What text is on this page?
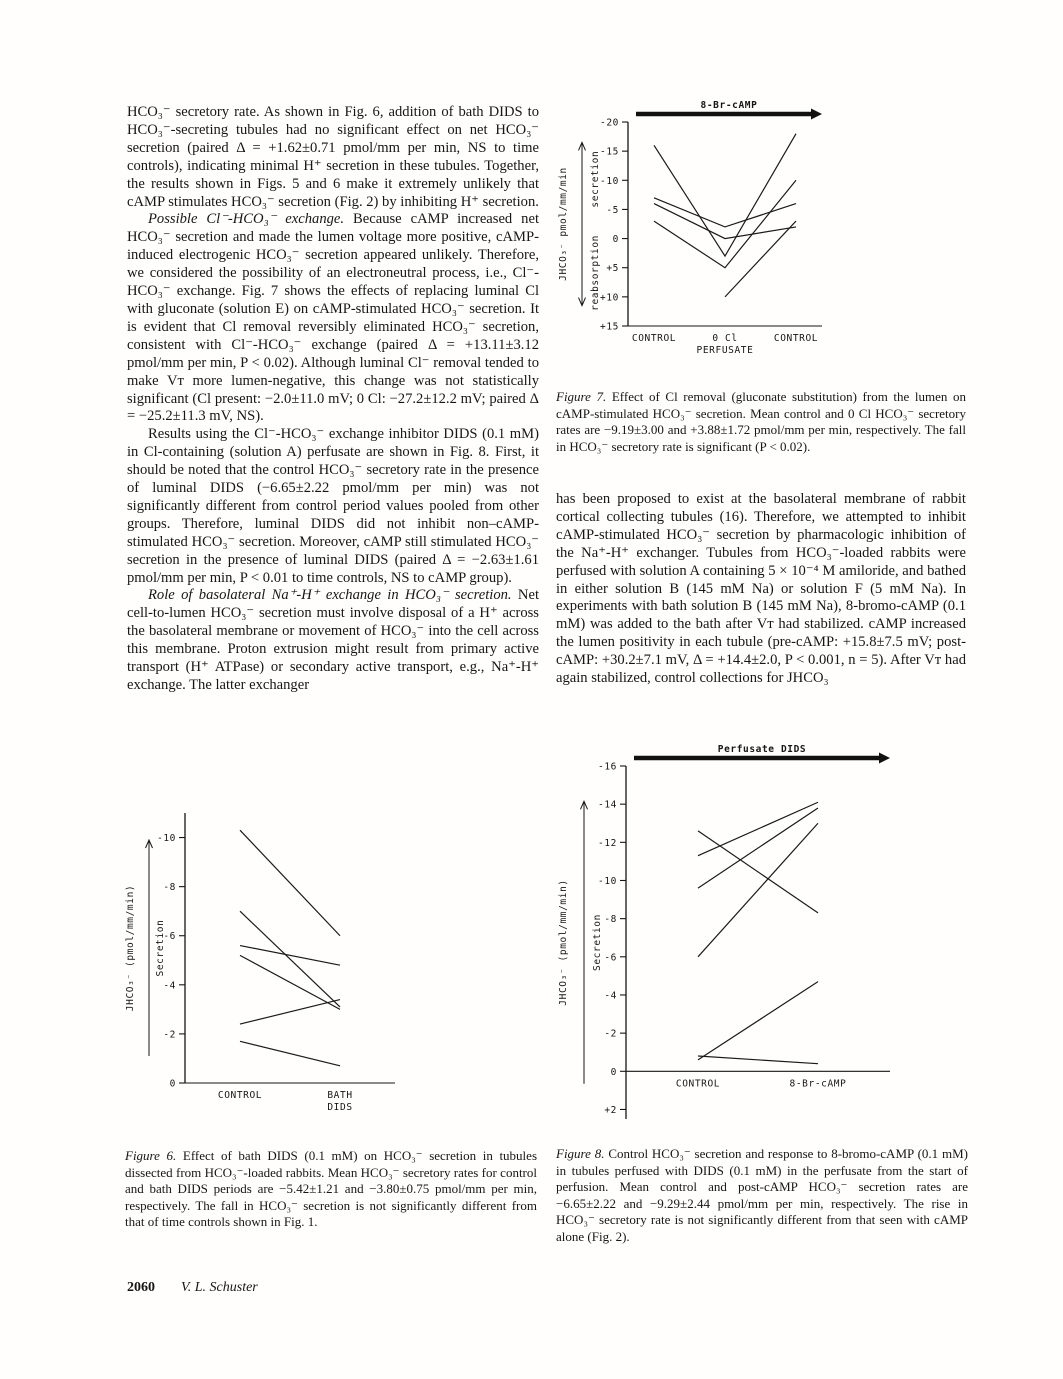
HCO₃⁻ secretory rate. As shown in Fig. 6, addition of bath DIDS to HCO₃⁻-secreting tubules had no significant effect on net HCO₃⁻ secretion (paired Δ = +1.62±0.71 pmol/mm per min, NS to time controls), indicating minimal H⁺ secretion in these tubules. Together, the results shown in Figs. 5 and 6 make it extremely unlikely that cAMP stimulates HCO₃⁻ secretion (Fig. 2) by inhibiting H⁺ secretion.

Possible Cl⁻-HCO₃⁻ exchange. Because cAMP increased net HCO₃⁻ secretion and made the lumen voltage more positive, cAMP-induced electrogenic HCO₃⁻ secretion appeared unlikely. Therefore, we considered the possibility of an electroneutral process, i.e., Cl⁻-HCO₃⁻ exchange. Fig. 7 shows the effects of replacing luminal Cl with gluconate (solution E) on cAMP-stimulated HCO₃⁻ secretion. It is evident that Cl removal reversibly eliminated HCO₃⁻ secretion, consistent with Cl⁻-HCO₃⁻ exchange (paired Δ = +13.11±3.12 pmol/mm per min, P < 0.02). Although luminal Cl⁻ removal tended to make Vᴛ more lumen-negative, this change was not statistically significant (Cl present: −2.0±11.0 mV; 0 Cl: −27.2±12.2 mV; paired Δ = −25.2±11.3 mV, NS).

Results using the Cl⁻-HCO₃⁻ exchange inhibitor DIDS (0.1 mM) in Cl-containing (solution A) perfusate are shown in Fig. 8. First, it should be noted that the control HCO₃⁻ secretory rate in the presence of luminal DIDS (−6.65±2.22 pmol/mm per min) was not significantly different from control period values pooled from other groups. Therefore, luminal DIDS did not inhibit non–cAMP-stimulated HCO₃⁻ secretion. Moreover, cAMP still stimulated HCO₃⁻ secretion in the presence of luminal DIDS (paired Δ = −2.63±1.61 pmol/mm per min, P < 0.01 to time controls, NS to cAMP group).

Role of basolateral Na⁺-H⁺ exchange in HCO₃⁻ secretion. Net cell-to-lumen HCO₃⁻ secretion must involve disposal of a H⁺ across the basolateral membrane or movement of HCO₃⁻ into the cell across this membrane. Proton extrusion might result from primary active transport (H⁺ ATPase) or secondary active transport, e.g., Na⁺-H⁺ exchange. The latter exchanger

-20
-15
-10
-5
0
+5
+10
+15
8-Br-cAMP
CONTROL	0 Cl	CONTROL
PERFUSATE
JHCO₃⁻ pmol/mm/min secretion
reabsorption
Figure 7. Effect of Cl removal (gluconate substitution) from the lumen on cAMP-stimulated HCO₃⁻ secretion. Mean control and 0 Cl HCO₃⁻ secretory rates are −9.19±3.00 and +3.88±1.72 pmol/mm per min, respectively. The fall in HCO₃⁻ secretory rate is significant (P < 0.02).

has been proposed to exist at the basolateral membrane of rabbit cortical collecting tubules (16). Therefore, we attempted to inhibit cAMP-stimulated HCO₃⁻ secretion by pharmacologic inhibition of the Na⁺-H⁺ exchanger. Tubules from HCO₃⁻-loaded rabbits were perfused with solution A containing 5 × 10⁻⁴ M amiloride, and bathed in either solution B (145 mM Na) or solution F (5 mM Na). In experiments with bath solution B (145 mM Na), 8-bromo-cAMP (0.1 mM) was added to the bath after Vᴛ had stabilized. cAMP increased the lumen positivity in each tubule (pre-cAMP: +15.8±7.5 mV; post-cAMP: +30.2±7.1 mV, Δ = +14.4±2.0, P < 0.001, n = 5). After Vᴛ had again stabilized, control collections for JHCO₃

-10
-8
-6
-4
-2
0
CONTROL	BATH
DIDS
JHCO₃⁻ (pmol/mm/min) Secretion
Figure 6. Effect of bath DIDS (0.1 mM) on HCO₃⁻ secretion in tubules dissected from HCO₃⁻-loaded rabbits. Mean HCO₃⁻ secretory rates for control and bath DIDS periods are −5.42±1.21 and −3.80±0.75 pmol/mm per min, respectively. The fall in HCO₃⁻ secretion is not significantly different from that of time controls shown in Fig. 1.
-16
-14
-12
-10
-8
-6
-4
-2
0
+2
Perfusate DIDS
CONTROL	8-Br-cAMP
JHCO₃⁻ (pmol/mm/min) Secretion
Figure 8. Control HCO₃⁻ secretion and response to 8-bromo-cAMP (0.1 mM) in tubules perfused with DIDS (0.1 mM) in the perfusate from the start of perfusion. Mean control and post-cAMP HCO₃⁻ secretion rates are −6.65±2.22 and −9.29±2.44 pmol/mm per min, respectively. The rise in HCO₃⁻ secretory rate is not significantly different from that seen with cAMP alone (Fig. 2).
2060 V. L. Schuster
